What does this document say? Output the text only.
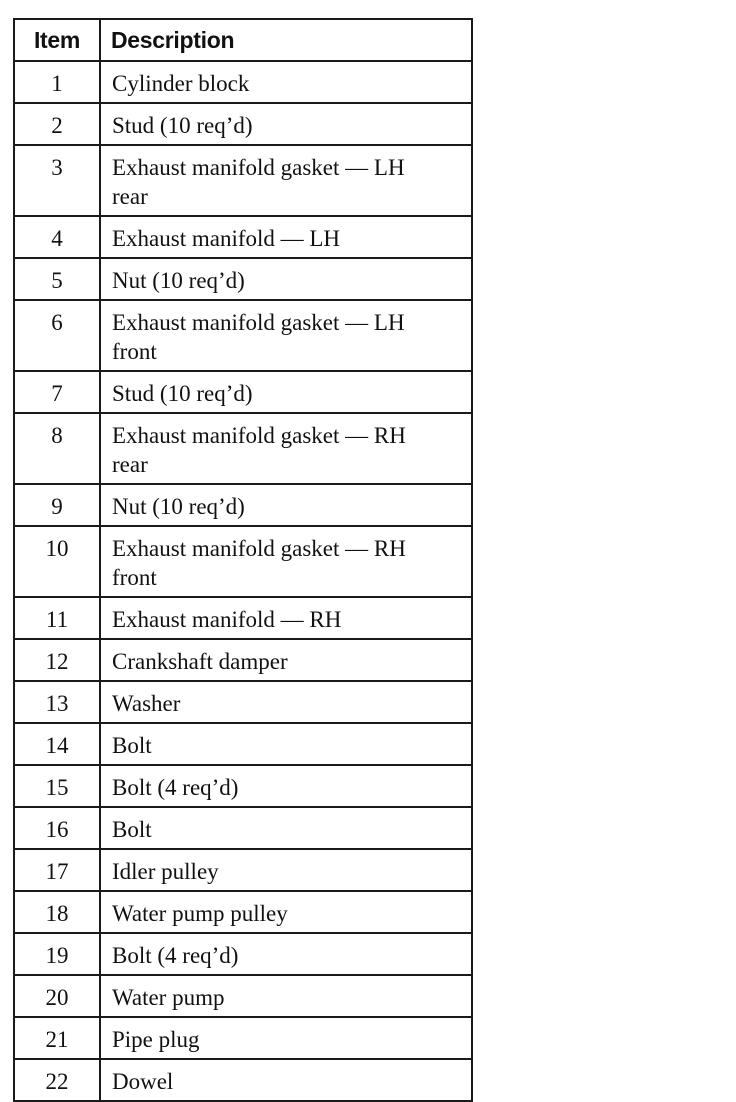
Item	Description
1	Cylinder block
2	Stud (10 req’d)
3	Exhaust manifold gasket — LH rear
4	Exhaust manifold — LH
5	Nut (10 req’d)
6	Exhaust manifold gasket — LH front
7	Stud (10 req’d)
8	Exhaust manifold gasket — RH rear
9	Nut (10 req’d)
10	Exhaust manifold gasket — RH front
11	Exhaust manifold — RH
12	Crankshaft damper
13	Washer
14	Bolt
15	Bolt (4 req’d)
16	Bolt
17	Idler pulley
18	Water pump pulley
19	Bolt (4 req’d)
20	Water pump
21	Pipe plug
22	Dowel
